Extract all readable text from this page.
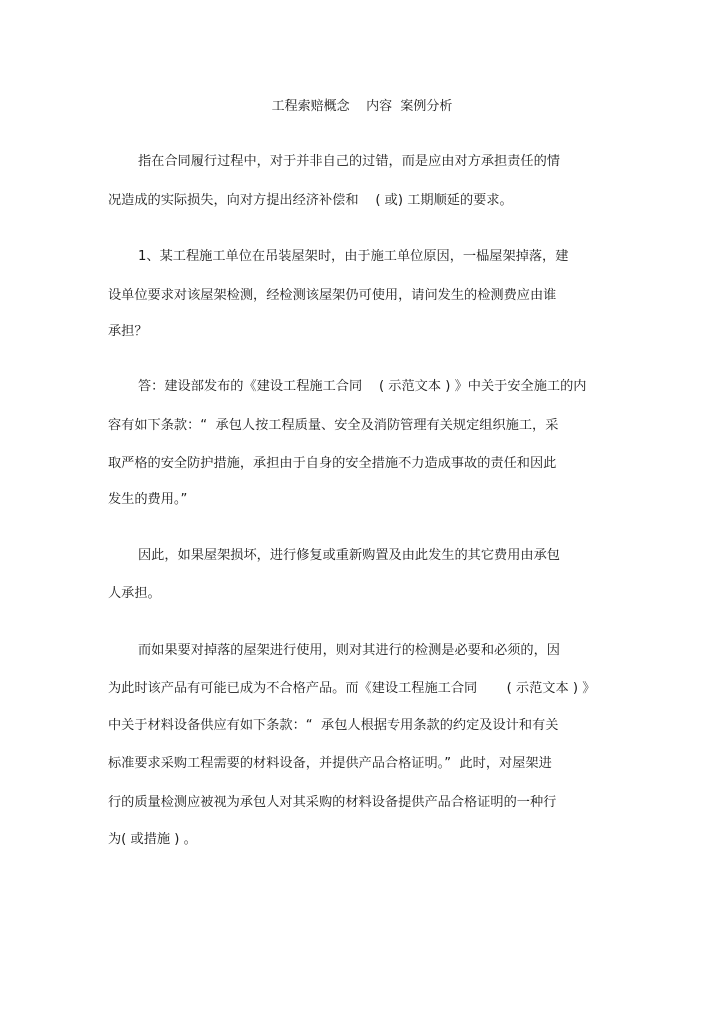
工程索赔概念    内容  案例分析
指在合同履行过程中，对于并非自己的过错，而是应由对方承担责任的情
况造成的实际损失，向对方提出经济补偿和    ( 或) 工期顺延的要求。
1、某工程施工单位在吊装屋架时，由于施工单位原因，一榀屋架掉落，建
设单位要求对该屋架检测，经检测该屋架仍可使用，请问发生的检测费应由谁
承担？
答：建设部发布的《建设工程施工合同    ( 示范文本 ) 》中关于安全施工的内
容有如下条款：“  承包人按工程质量、安全及消防管理有关规定组织施工，采
取严格的安全防护措施，承担由于自身的安全措施不力造成事故的责任和因此
发生的费用。”
因此，如果屋架损坏，进行修复或重新购置及由此发生的其它费用由承包
人承担。
而如果要对掉落的屋架进行使用，则对其进行的检测是必要和必须的，因
为此时该产品有可能已成为不合格产品。而《建设工程施工合同       ( 示范文本 ) 》
中关于材料设备供应有如下条款：“  承包人根据专用条款的约定及设计和有关
标准要求采购工程需要的材料设备，并提供产品合格证明。”  此时，对屋架进
行的质量检测应被视为承包人对其采购的材料设备提供产品合格证明的一种行
为( 或措施 ) 。
